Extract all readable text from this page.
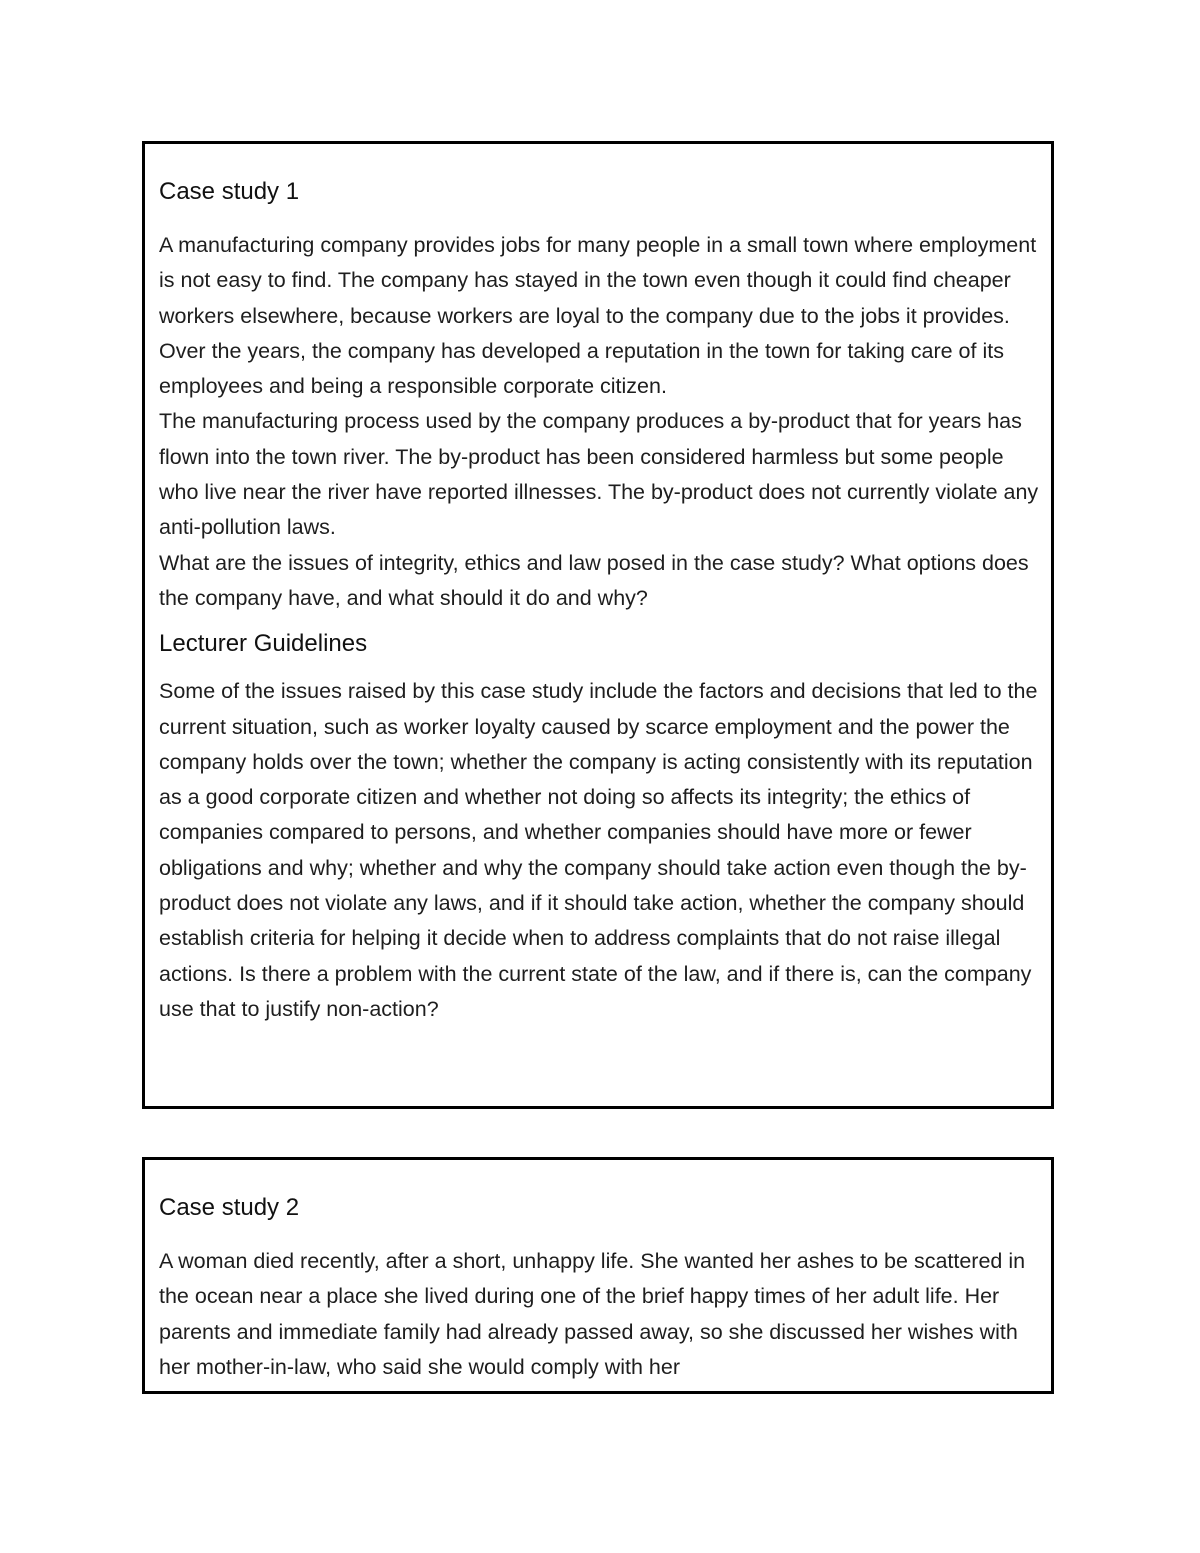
Case study 1

A manufacturing company provides jobs for many people in a small town where employment is not easy to find. The company has stayed in the town even though it could find cheaper workers elsewhere, because workers are loyal to the company due to the jobs it provides. Over the years, the company has developed a reputation in the town for taking care of its employees and being a responsible corporate citizen.

The manufacturing process used by the company produces a by-product that for years has flown into the town river. The by-product has been considered harmless but some people who live near the river have reported illnesses. The by-product does not currently violate any anti-pollution laws.

What are the issues of integrity, ethics and law posed in the case study? What options does the company have, and what should it do and why?

Lecturer Guidelines

Some of the issues raised by this case study include the factors and decisions that led to the current situation, such as worker loyalty caused by scarce employment and the power the company holds over the town; whether the company is acting consistently with its reputation as a good corporate citizen and whether not doing so affects its integrity; the ethics of companies compared to persons, and whether companies should have more or fewer obligations and why; whether and why the company should take action even though the by-product does not violate any laws, and if it should take action, whether the company should establish criteria for helping it decide when to address complaints that do not raise illegal actions. Is there a problem with the current state of the law, and if there is, can the company use that to justify non-action?

Case study 2

A woman died recently, after a short, unhappy life. She wanted her ashes to be scattered in the ocean near a place she lived during one of the brief happy times of her adult life. Her parents and immediate family had already passed away, so she discussed her wishes with her mother-in-law, who said she would comply with her
